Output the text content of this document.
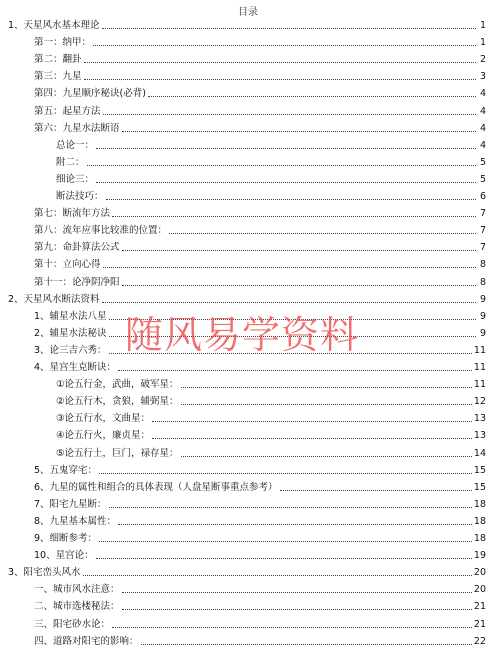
目录
1、天星风水基本理论	1
第一：纳甲：	1
第二：翻卦	2
第三：九星	3
第四：九星顺序秘诀(必背)	4
第五：起星方法	4
第六：九星水法断语	4
总论一：	4
附二：	5
细论三：	5
断法技巧：	6
第七：断流年方法	7
第八：流年应事比较准的位置：	7
第九：命卦算法公式	7
第十：立向心得	8
第十一：论净阴净阳	8
2、天星风水断法资料	9
1、辅星水法八星	9
2、辅星水法秘诀	9
3、论三吉六秀：	11
4、星宫生克断诀：	11
①论五行金，武曲，破军星：	11
②论五行木，贪狼，辅弼星：	12
③论五行水，文曲星：	13
④论五行火，廉贞星：	13
⑤论五行土，巨门，禄存星：	14
5、五鬼穿宅：	15
6、九星的属性和组合的具体表现（人盘星断事重点参考）	15
7、阳宅九星断：	18
8、九星基本属性：	18
9、细断参考：	18
10、星宫论：	19
3、阳宅峦头风水	20
一、城市风水注意：	20
二、城市选楼秘法：	21
三、阳宅砂水论：	21
四、道路对阳宅的影响：	22
随风易学资料
